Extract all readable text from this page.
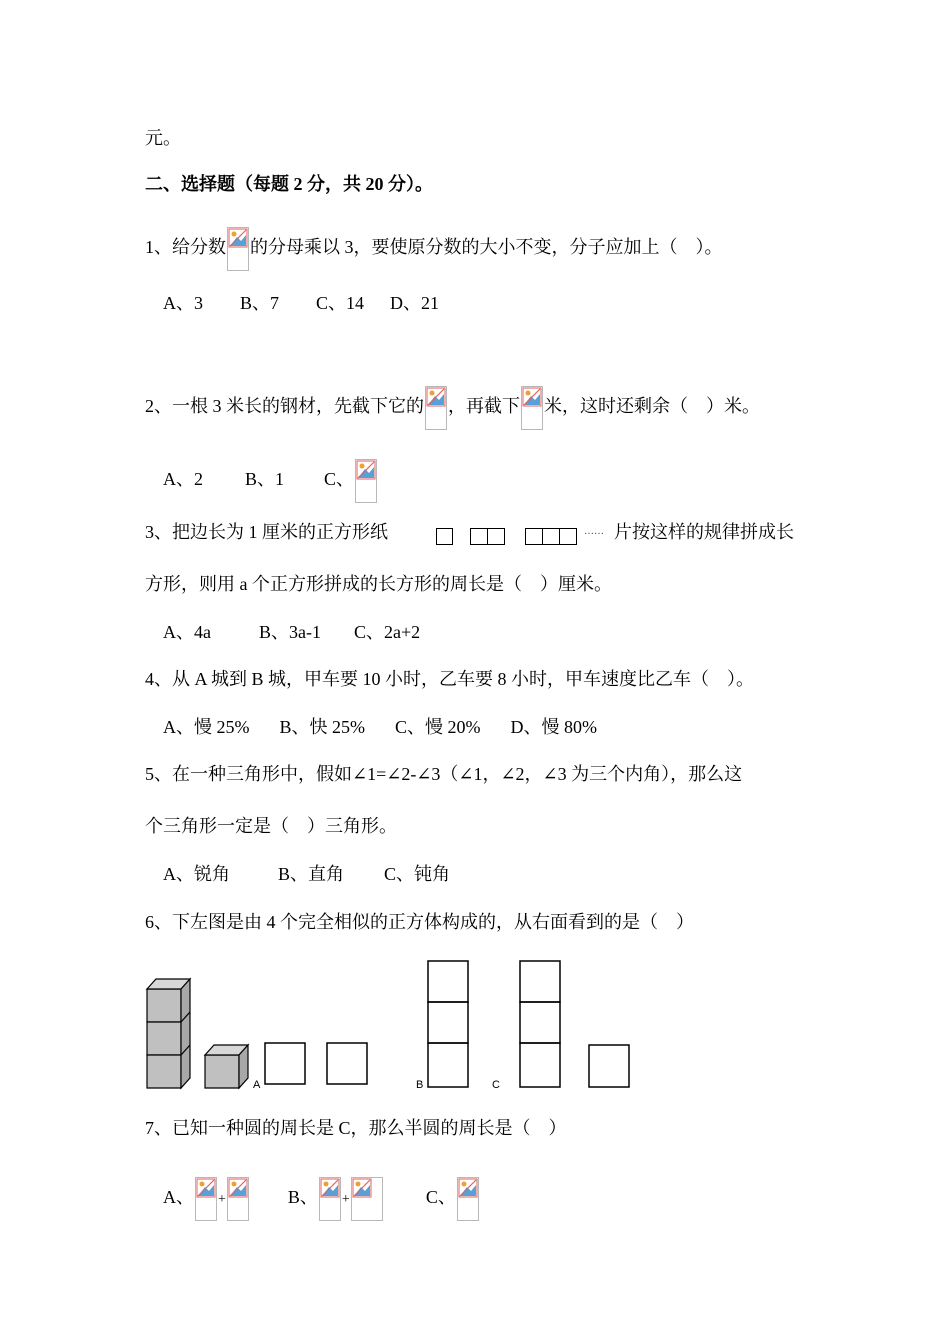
元。
二、选择题（每题 2 分，共 20 分）。
1、给分数 的分母乘以 3，要使原分数的大小不变，分子应加上（　）。
A、3 B、7 C、14 D、21
2、一根 3 米长的钢材，先截下它的 ，再截下 米，这时还剩余（　）米。
A、2 B、1 C、
3、把边长为 1 厘米的正方形纸	…… 片按这样的规律拼成长
方形，则用 a 个正方形拼成的长方形的周长是（　）厘米。
A、4a	B、3a-1 C、2a+2
4、从 A 城到 B 城，甲车要 10 小时，乙车要 8 小时，甲车速度比乙车（　）。
A、慢 25% B、快 25% C、慢 20% D、慢 80%
5、在一种三角形中，假如∠1=∠2-∠3（∠1，∠2，∠3 为三个内角），那么这
个三角形一定是（　）三角形。
A、锐角	B、直角 C、钝角
6、下左图是由 4 个完全相似的正方体构成的，从右面看到的是（　）
A	B	C
7、已知一种圆的周长是 C，那么半圆的周长是（　）
A、 +	B、 +	C、
